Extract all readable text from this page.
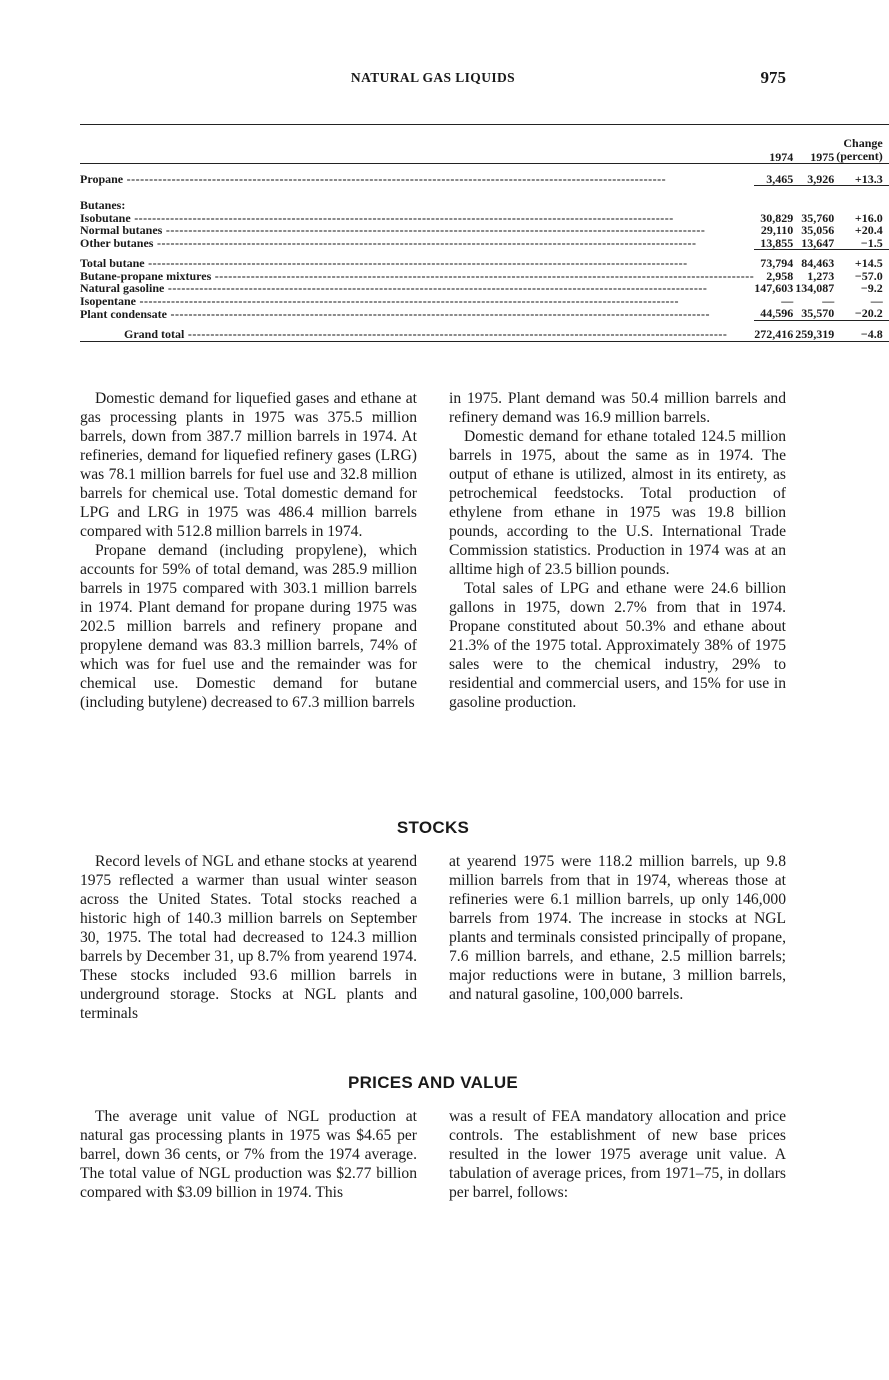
NATURAL GAS LIQUIDS	975
	1974	1975	Change
(percent)

Propane -----	3,465	3,926	+13.3
Butanes:			

Isobutane -----	30,829	35,760	+16.0

Normal butanes -----	29,110	35,056	+20.4

Other butanes -----	13,855	13,647	−1.5

Total butane -----	73,794	84,463	+14.5

Butane-propane mixtures -----	2,958	1,273	−57.0

Natural gasoline -----	147,603	134,087	−9.2

Isopentane -----	—	—	—

Plant condensate -----	44,596	35,570	−20.2

Grand total -----	272,416	259,319	−4.8

Domestic demand for liquefied gases and ethane at gas processing plants in 1975 was 375.5 million barrels, down from 387.7 million barrels in 1974. At refineries, demand for liquefied refinery gases (LRG) was 78.1 million barrels for fuel use and 32.8 million barrels for chemical use. Total domestic demand for LPG and LRG in 1975 was 486.4 million barrels compared with 512.8 million barrels in 1974.

Propane demand (including propylene), which accounts for 59% of total demand, was 285.9 million barrels in 1975 compared with 303.1 million barrels in 1974. Plant demand for propane during 1975 was 202.5 million barrels and refinery propane and propylene demand was 83.3 million barrels, 74% of which was for fuel use and the remainder was for chemical use. Domestic demand for butane (including butylene) decreased to 67.3 million barrels

in 1975. Plant demand was 50.4 million barrels and refinery demand was 16.9 million barrels.

Domestic demand for ethane totaled 124.5 million barrels in 1975, about the same as in 1974. The output of ethane is utilized, almost in its entirety, as petrochemical feedstocks. Total production of ethylene from ethane in 1975 was 19.8 billion pounds, according to the U.S. International Trade Commission statistics. Production in 1974 was at an alltime high of 23.5 billion pounds.

Total sales of LPG and ethane were 24.6 billion gallons in 1975, down 2.7% from that in 1974. Propane constituted about 50.3% and ethane about 21.3% of the 1975 total. Approximately 38% of 1975 sales were to the chemical industry, 29% to residential and commercial users, and 15% for use in gasoline production.

STOCKS

Record levels of NGL and ethane stocks at yearend 1975 reflected a warmer than usual winter season across the United States. Total stocks reached a historic high of 140.3 million barrels on September 30, 1975. The total had decreased to 124.3 million barrels by December 31, up 8.7% from yearend 1974. These stocks included 93.6 million barrels in underground storage. Stocks at NGL plants and terminals

at yearend 1975 were 118.2 million barrels, up 9.8 million barrels from that in 1974, whereas those at refineries were 6.1 million barrels, up only 146,000 barrels from 1974. The increase in stocks at NGL plants and terminals consisted principally of propane, 7.6 million barrels, and ethane, 2.5 million barrels; major reductions were in butane, 3 million barrels, and natural gasoline, 100,000 barrels.

PRICES AND VALUE

The average unit value of NGL production at natural gas processing plants in 1975 was $4.65 per barrel, down 36 cents, or 7% from the 1974 average. The total value of NGL production was $2.77 billion compared with $3.09 billion in 1974. This

was a result of FEA mandatory allocation and price controls. The establishment of new base prices resulted in the lower 1975 average unit value. A tabulation of average prices, from 1971–75, in dollars per barrel, follows:
